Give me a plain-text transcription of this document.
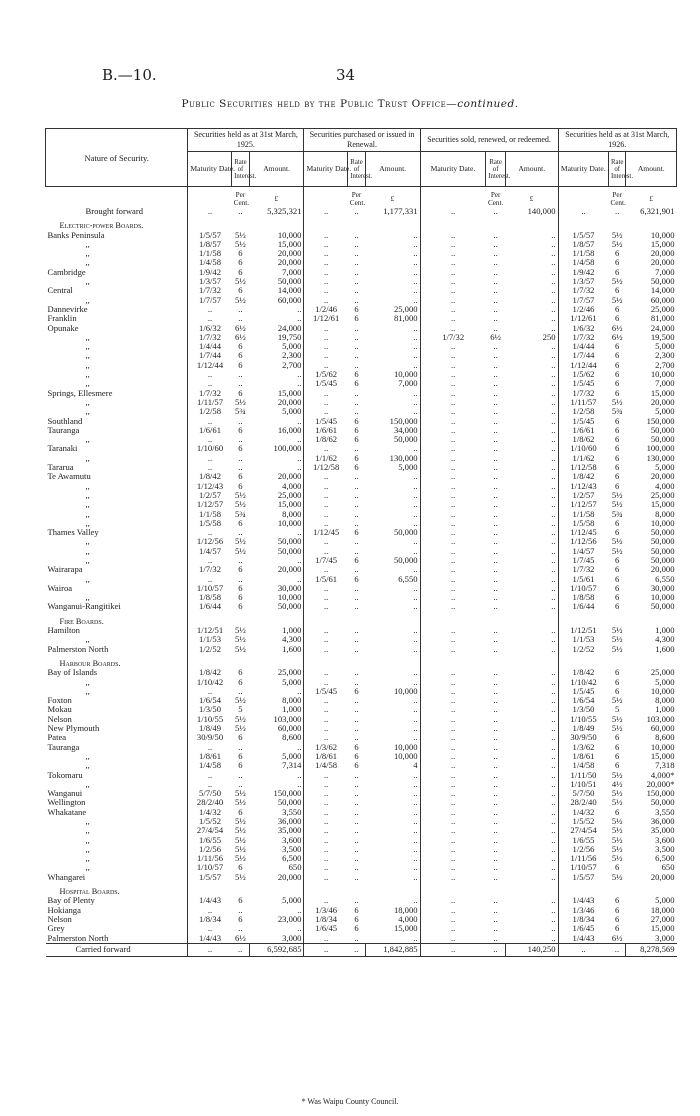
B.—10.	34
Public Securities held by the Public Trust Office—continued.
Nature of Security.	Securities held as at 31st March, 1925.			Securities purchased or issued in Renewal.			Securities sold, renewed, or redeemed.			Securities held as at 31st March, 1926.		
	Maturity Date.	Rate of Interest.	Amount.	Maturity Date.	Rate of Interest.	Amount.	Maturity Date.	Rate of Interest.	Amount.	Maturity Date.	Rate of Interest.	Amount.

		Per Cent.	£		Per Cent.	£		Per Cent.	£		Per Cent.	£
Brought forward	..	..	5,325,321	..	..	1,177,331	..	..	140,000	..	..	6,321,901
Electric-power Boards.												
Banks Peninsula	1/5/57	5½	10,000	..	..	..	..	..	..	1/5/57	5½	10,000
,,	1/8/57	5½	15,000	..	..	..	..	..	..	1/8/57	5½	15,000
,,	1/1/58	6	20,000	..	..	..	..	..	..	1/1/58	6	20,000
,,	1/4/58	6	20,000	..	..	..	..	..	..	1/4/58	6	20,000
Cambridge	1/9/42	6	7,000	..	..	..	..	..	..	1/9/42	6	7,000
,,	1/3/57	5½	50,000	..	..	..	..	..	..	1/3/57	5½	50,000
Central	1/7/32	6	14,000	..	..	..	..	..	..	1/7/32	6	14,000
,,	1/7/57	5½	60,000	..	..	..	..	..	..	1/7/57	5½	60,000
Dannevirke	..	..	..	1/2/46	6	25,000	..	..	..	1/2/46	6	25,000
Franklin	..	..	..	1/12/61	6	81,000	..	..	..	1/12/61	6	81,000
Opunake	1/6/32	6½	24,000	..	..	..	..	..	..	1/6/32	6½	24,000
,,	1/7/32	6½	19,750	..	..	..	1/7/32	6½	250	1/7/32	6½	19,500
,,	1/4/44	6	5,000	..	..	..	..	..	..	1/4/44	6	5,000
,,	1/7/44	6	2,300	..	..	..	..	..	..	1/7/44	6	2,300
,,	1/12/44	6	2,700	..	..	..	..	..	..	1/12/44	6	2,700
,,	..	..	..	1/5/62	6	10,000	..	..	..	1/5/62	6	10,000
,,	..	..	..	1/5/45	6	7,000	..	..	..	1/5/45	6	7,000
Springs, Ellesmere	1/7/32	6	15,000	..	..	..	..	..	..	1/7/32	6	15,000
,,	1/11/57	5½	20,000	..	..	..	..	..	..	1/11/57	5½	20,000
,,	1/2/58	5¾	5,000	..	..	..	..	..	..	1/2/58	5¾	5,000
Southland	..	..	..	1/5/45	6	150,000	..	..	..	1/5/45	6	150,000
Tauranga	1/6/61	6	16,000	1/6/61	6	34,000	..	..	..	1/6/61	6	50,000
,,	..	..	..	1/8/62	6	50,000	..	..	..	1/8/62	6	50,000
Taranaki	1/10/60	6	100,000	..	..	..	..	..	..	1/10/60	6	100,000
,,	..	..	..	1/1/62	6	130,000	..	..	..	1/1/62	6	130,000
Tararua	..	..	..	1/12/58	6	5,000	..	..	..	1/12/58	6	5,000
Te Awamutu	1/8/42	6	20,000	..	..	..	..	..	..	1/8/42	6	20,000
,,	1/12/43	6	4,000	..	..	..	..	..	..	1/12/43	6	4,000
,,	1/2/57	5½	25,000	..	..	..	..	..	..	1/2/57	5½	25,000
,,	1/12/57	5½	15,000	..	..	..	..	..	..	1/12/57	5½	15,000
,,	1/1/58	5¾	8,000	..	..	..	..	..	..	1/1/58	5¾	8,000
,,	1/5/58	6	10,000	..	..	..	..	..	..	1/5/58	6	10,000
Thames Valley	..	..	..	1/12/45	6	50,000	..	..	..	1/12/45	6	50,000
,,	1/12/56	5½	50,000	..	..	..	..	..	..	1/12/56	5½	50,000
,,	1/4/57	5½	50,000	..	..	..	..	..	..	1/4/57	5½	50,000
,,	..	..	..	1/7/45	6	50,000	..	..	..	1/7/45	6	50,000
Wairarapa	1/7/32	6	20,000	..	..	..	..	..	..	1/7/32	6	20,000
,,	..	..	..	1/5/61	6	6,550	..	..	..	1/5/61	6	6,550
Wairoa	1/10/57	6	30,000	..	..	..	..	..	..	1/10/57	6	30,000
,,	1/8/58	6	10,000	..	..	..	..	..	..	1/8/58	6	10,000
Wanganui-Rangitikei	1/6/44	6	50,000	..	..	..	..	..	..	1/6/44	6	50,000
Fire Boards.												
Hamilton	1/12/51	5½	1,000	..	..	..	..	..	..	1/12/51	5½	1,000
,,	1/1/53	5½	4,300	..	..	..	..	..	..	1/1/53	5½	4,300
Palmerston North	1/2/52	5½	1,600	..	..	..	..	..	..	1/2/52	5½	1,600
Harbour Boards.												
Bay of Islands	1/8/42	6	25,000	..	..	..	..	..	..	1/8/42	6	25,000
,,	1/10/42	6	5,000	..	..	..	..	..	..	1/10/42	6	5,000
,,	..	..	..	1/5/45	6	10,000	..	..	..	1/5/45	6	10,000
Foxton	1/6/54	5½	8,000	..	..	..	..	..	..	1/6/54	5½	8,000
Mokau	1/3/50	5	1,000	..	..	..	..	..	..	1/3/50	5	1,000
Nelson	1/10/55	5½	103,000	..	..	..	..	..	..	1/10/55	5½	103,000
New Plymouth	1/8/49	5½	60,000	..	..	..	..	..	..	1/8/49	5½	60,000
Patea	30/9/50	6	8,600	..	..	..	..	..	..	30/9/50	6	8,600
Tauranga	..	..	..	1/3/62	6	10,000	..	..	..	1/3/62	6	10,000
,,	1/8/61	6	5,000	1/8/61	6	10,000	..	..	..	1/8/61	6	15,000
,,	1/4/58	6	7,314	1/4/58	6	4	..	..	..	1/4/58	6	7,318
Tokomaru	..	..	..	..	..	..	..	..	..	1/11/50	5½	4,000*
,,	..	..	..	..	..	..	..	..	..	1/10/51	4½	20,000*
Wanganui	5/7/50	5½	150,000	..	..	..	..	..	..	5/7/50	5½	150,000
Wellington	28/2/40	5½	50,000	..	..	..	..	..	..	28/2/40	5½	50,000
Whakatane	1/4/32	6	3,550	..	..	..	..	..	..	1/4/32	6	3,550
,,	1/5/52	5½	36,000	..	..	..	..	..	..	1/5/52	5½	36,000
,,	27/4/54	5½	35,000	..	..	..	..	..	..	27/4/54	5½	35,000
,,	1/6/55	5½	3,600	..	..	..	..	..	..	1/6/55	5½	3,600
,,	1/2/56	5½	3,500	..	..	..	..	..	..	1/2/56	5½	3,500
,,	1/11/56	5½	6,500	..	..	..	..	..	..	1/11/56	5½	6,500
,,	1/10/57	6	650	..	..	..	..	..	..	1/10/57	6	650
Whangarei	1/5/57	5½	20,000	..	..	..	..	..	..	1/5/57	5½	20,000
Hospital Boards.												
Bay of Plenty	1/4/43	6	5,000	..	..	..	..	..	..	1/4/43	6	5,000
Hokianga	..	..	..	1/3/46	6	18,000	..	..	..	1/3/46	6	18,000
Nelson	1/8/34	6	23,000	1/8/34	6	4,000	..	..	..	1/8/34	6	27,000
Grey	..	..	..	1/6/45	6	15,000	..	..	..	1/6/45	6	15,000
Palmerston North	1/4/43	6½	3,000	..	..	..	..	..	..	1/4/43	6½	3,000
Carried forward	..	..	6,592,685	..	..	1,842,885	..	..	140,250	..	..	8,278,569
* Was Waipu County Council.
